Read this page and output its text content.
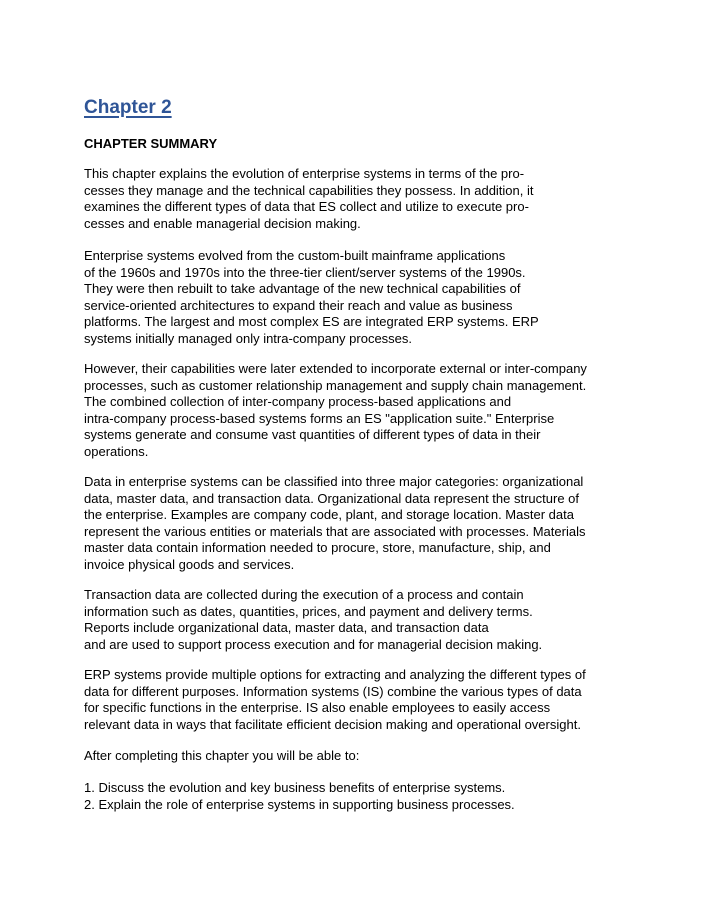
Chapter 2
CHAPTER SUMMARY
This chapter explains the evolution of enterprise systems in terms of the pro-
cesses they manage and the technical capabilities they possess. In addition, it
examines the different types of data that ES collect and utilize to execute pro-
cesses and enable managerial decision making.
Enterprise systems evolved from the custom-built mainframe applications
of the 1960s and 1970s into the three-tier client/server systems of the 1990s.
They were then rebuilt to take advantage of the new technical capabilities of
service-oriented architectures to expand their reach and value as business
platforms. The largest and most complex ES are integrated ERP systems. ERP
systems initially managed only intra-company processes.
However, their capabilities were later extended to incorporate external or inter-company
processes, such as customer relationship management and supply chain management.
The combined collection of inter-company process-based applications and
intra-company process-based systems forms an ES "application suite." Enterprise
systems generate and consume vast quantities of different types of data in their
operations.
Data in enterprise systems can be classified into three major categories: organizational
data, master data, and transaction data. Organizational data represent the structure of
the enterprise. Examples are company code, plant, and storage location. Master data
represent the various entities or materials that are associated with processes. Materials
master data contain information needed to procure, store, manufacture, ship, and
invoice physical goods and services.
Transaction data are collected during the execution of a process and contain
information such as dates, quantities, prices, and payment and delivery terms.
Reports include organizational data, master data, and transaction data
and are used to support process execution and for managerial decision making.
ERP systems provide multiple options for extracting and analyzing the different types of
data for different purposes. Information systems (IS) combine the various types of data
for specific functions in the enterprise. IS also enable employees to easily access
relevant data in ways that facilitate efficient decision making and operational oversight.
After completing this chapter you will be able to:
1. Discuss the evolution and key business benefits of enterprise systems.
2. Explain the role of enterprise systems in supporting business processes.
